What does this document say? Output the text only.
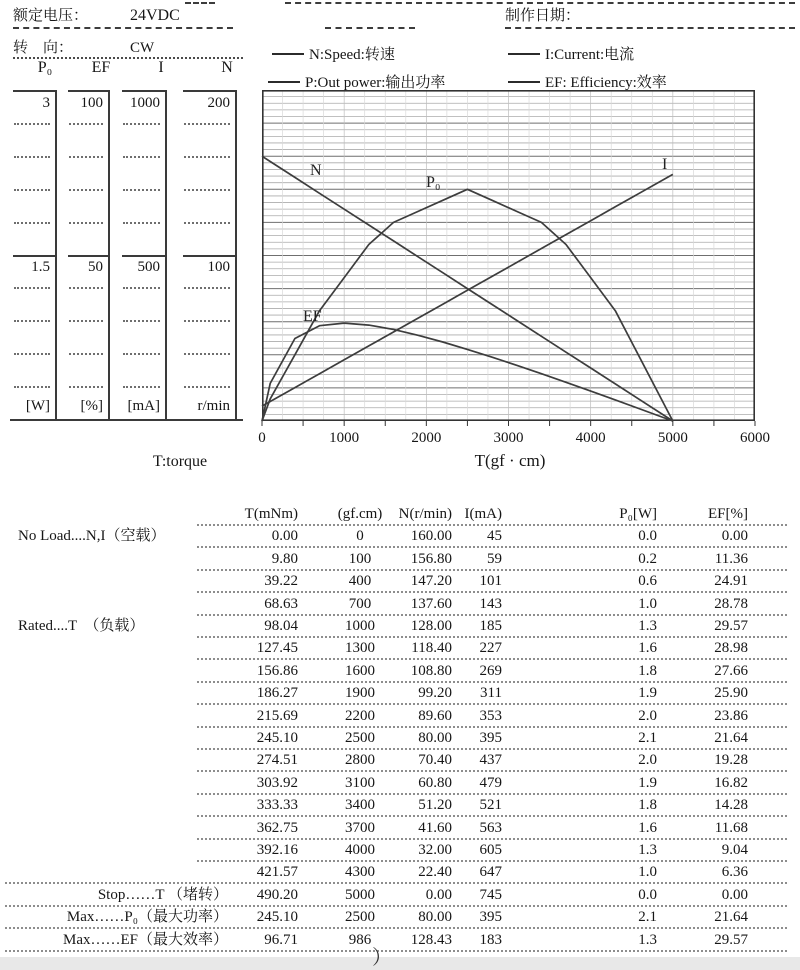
额定电压：	24VDC	制作日期：
转　向：	CW	N:Speed:转速
P:Out power:输出功率
I:Current:电流
EF: Efficiency:效率
P₀	EF	I	N
3
1.5
[W]
100
50
[%]
1000
500
[mA]
200
100
r/min
N
P₀
I
EF
0	1000	2000	3000	4000	5000	6000
T(gf · cm)
T:torque
T(mNm)	(gf.cm)	N(r/min) I(mA)	P₀[W]	EF[%]
No Load....N,I（空载）	0.00	0	160.00	45	0.0	0.00
9.80	100	156.80	59	0.2	11.36
39.22	400	147.20	101	0.6	24.91
68.63	700	137.60	143	1.0	28.78
Rated....T　（负载）	98.04	1000	128.00	185	1.3	29.57
127.45	1300	118.40	227	1.6	28.98
156.86	1600	108.80	269	1.8	27.66
186.27	1900	99.20	311	1.9	25.90
215.69	2200	89.60	353	2.0	23.86
245.10	2500	80.00	395	2.1	21.64
274.51	2800	70.40	437	2.0	19.28
303.92	3100	60.80	479	1.9	16.82
333.33	3400	51.20	521	1.8	14.28
362.75	3700	41.60	563	1.6	11.68
392.16	4000	32.00	605	1.3	9.04
421.57	4300	22.40	647	1.0	6.36
Stop……T （堵转）	490.20	5000	0.00	745	0.0	0.00
Max……P₀（最大功率）	245.10	2500	80.00	395	2.1	21.64
Max……EF（最大效率）	96.71	986	128.43	183	1.3	29.57
）
